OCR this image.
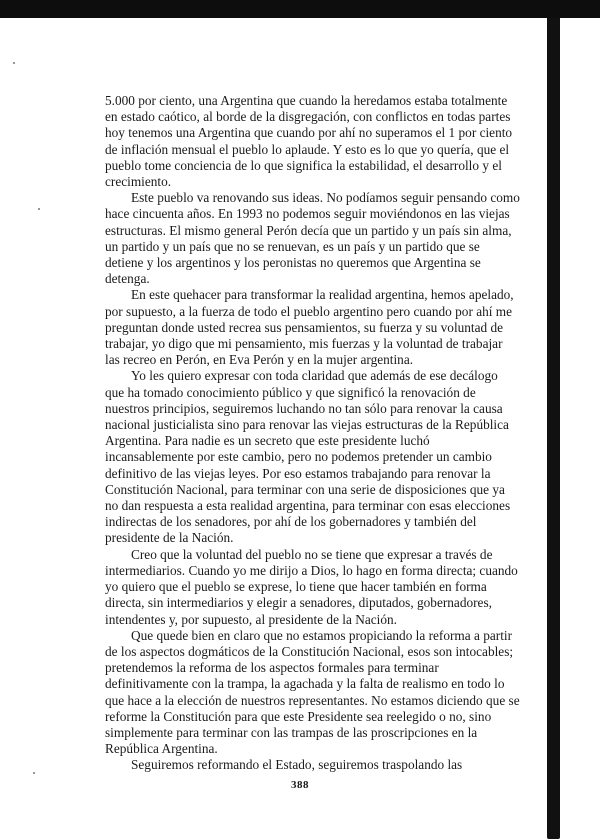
5.000 por ciento, una Argentina que cuando la heredamos estaba totalmente en estado caótico, al borde de la disgregación, con conflictos en todas partes hoy tenemos una Argentina que cuando por ahí no superamos el 1 por ciento de inflación mensual el pueblo lo aplaude. Y esto es lo que yo quería, que el pueblo tome conciencia de lo que significa la estabilidad, el desarrollo y el crecimiento.

Este pueblo va renovando sus ideas. No podíamos seguir pensando como hace cincuenta años. En 1993 no podemos seguir moviéndonos en las viejas estructuras. El mismo general Perón decía que un partido y un país sin alma, un partido y un país que no se renuevan, es un país y un partido que se detiene y los argentinos y los peronistas no queremos que Argentina se detenga.

En este quehacer para transformar la realidad argentina, hemos apelado, por supuesto, a la fuerza de todo el pueblo argentino pero cuando por ahí me preguntan donde usted recrea sus pensamientos, su fuerza y su voluntad de trabajar, yo digo que mi pensamiento, mis fuerzas y la voluntad de trabajar las recreo en Perón, en Eva Perón y en la mujer argentina.

Yo les quiero expresar con toda claridad que además de ese decálogo que ha tomado conocimiento público y que significó la renovación de nuestros principios, seguiremos luchando no tan sólo para renovar la causa nacional justicialista sino para renovar las viejas estructuras de la República Argentina. Para nadie es un secreto que este presidente luchó incansablemente por este cambio, pero no podemos pretender un cambio definitivo de las viejas leyes. Por eso estamos trabajando para renovar la Constitución Nacional, para terminar con una serie de disposiciones que ya no dan respuesta a esta realidad argentina, para terminar con esas elecciones indirectas de los senadores, por ahí de los gobernadores y también del presidente de la Nación.

Creo que la voluntad del pueblo no se tiene que expresar a través de intermediarios. Cuando yo me dirijo a Dios, lo hago en forma directa; cuando yo quiero que el pueblo se exprese, lo tiene que hacer también en forma directa, sin intermediarios y elegir a senadores, diputados, gobernadores, intendentes y, por supuesto, al presidente de la Nación.

Que quede bien en claro que no estamos propiciando la reforma a partir de los aspectos dogmáticos de la Constitución Nacional, esos son intocables; pretendemos la reforma de los aspectos formales para terminar definitivamente con la trampa, la agachada y la falta de realismo en todo lo que hace a la elección de nuestros representantes. No estamos diciendo que se reforme la Constitución para que este Presidente sea reelegido o no, sino simplemente para terminar con las trampas de las proscripciones en la República Argentina.

Seguiremos reformando el Estado, seguiremos traspolando las

388
